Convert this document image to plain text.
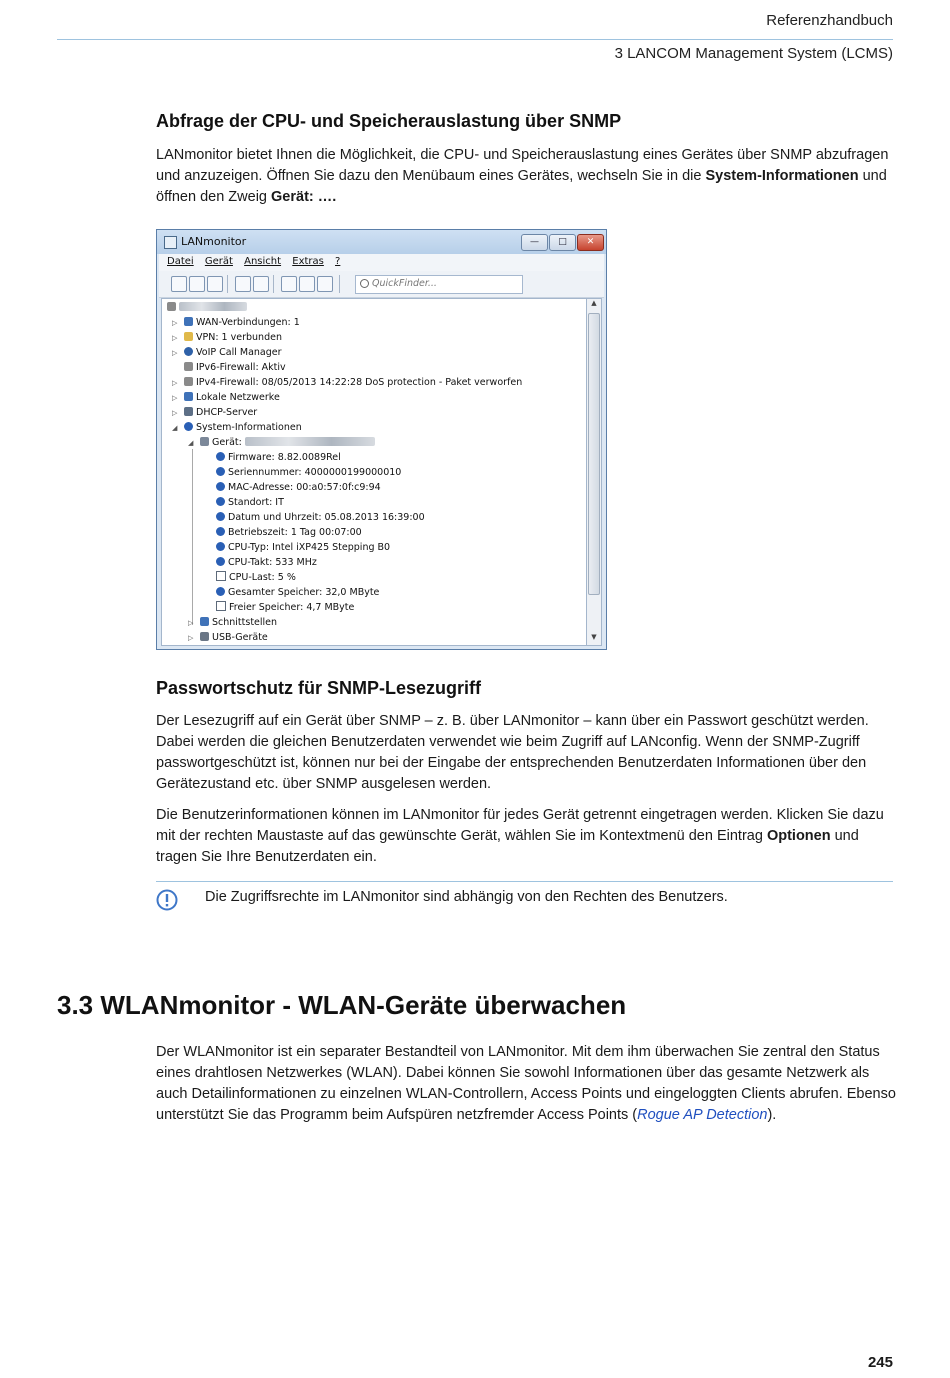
Referenzhandbuch
3 LANCOM Management System (LCMS)
Abfrage der CPU- und Speicherauslastung über SNMP

LANmonitor bietet Ihnen die Möglichkeit, die CPU- und Speicherauslastung eines Gerätes über SNMP abzufragen und anzuzeigen. Öffnen Sie dazu den Menübaum eines Gerätes, wechseln Sie in die System-Informationen und öffnen den Zweig Gerät: ….

LANmonitor	—	□	✕
Datei Gerät Ansicht Extras ?
QuickFinder...
▷	WAN-Verbindungen: 1
▷	VPN: 1 verbunden
▷	VoIP Call Manager
IPv6-Firewall: Aktiv
▷	IPv4-Firewall: 08/05/2013 14:22:28 DoS protection - Paket verworfen
▷	Lokale Netzwerke
▷	DHCP-Server
◢	System-Informationen
◢	Gerät:
Firmware: 8.82.0089Rel
Seriennummer: 4000000199000010
MAC-Adresse: 00:a0:57:0f:c9:94
Standort: IT
Datum und Uhrzeit: 05.08.2013 16:39:00
Betriebszeit: 1 Tag 00:07:00
CPU-Typ: Intel iXP425 Stepping B0
CPU-Takt: 533 MHz
CPU-Last: 5 %
Gesamter Speicher: 32,0 MByte
Freier Speicher: 4,7 MByte
▷	Schnittstellen
▷	USB-Geräte
▲
▼
Passwortschutz für SNMP-Lesezugriff

Der Lesezugriff auf ein Gerät über SNMP – z. B. über LANmonitor – kann über ein Passwort geschützt werden. Dabei werden die gleichen Benutzerdaten verwendet wie beim Zugriff auf LANconfig. Wenn der SNMP-Zugriff passwortgeschützt ist, können nur bei der Eingabe der entsprechenden Benutzerdaten Informationen über den Gerätezustand etc. über SNMP ausgelesen werden.

Die Benutzerinformationen können im LANmonitor für jedes Gerät getrennt eingetragen werden. Klicken Sie dazu mit der rechten Maustaste auf das gewünschte Gerät, wählen Sie im Kontextmenü den Eintrag Optionen und tragen Sie Ihre Benutzerdaten ein.

Die Zugriffsrechte im LANmonitor sind abhängig von den Rechten des Benutzers.
3.3 WLANmonitor - WLAN-Geräte überwachen

Der WLANmonitor ist ein separater Bestandteil von LANmonitor. Mit dem ihm überwachen Sie zentral den Status eines drahtlosen Netzwerkes (WLAN). Dabei können Sie sowohl Informationen über das gesamte Netzwerk als auch Detailinformationen zu einzelnen WLAN-Controllern, Access Points und eingeloggten Clients abrufen. Ebenso unterstützt Sie das Programm beim Aufspüren netzfremder Access Points (Rogue AP Detection).

245
